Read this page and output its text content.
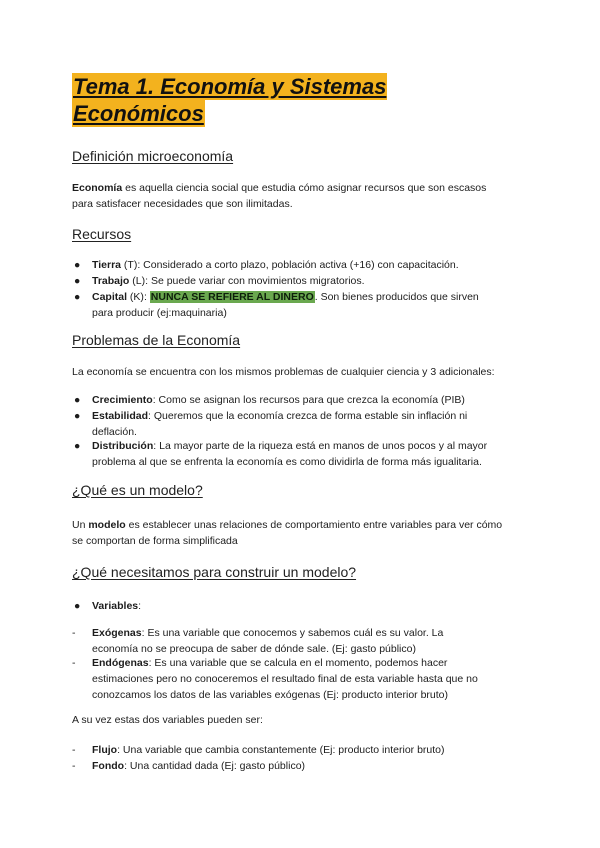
Tema 1. Economía y Sistemas
Económicos
Definición microeconomía
Economía es aquella ciencia social que estudia cómo asignar recursos que son escasos
para satisfacer necesidades que son ilimitadas.
Recursos
●	Tierra (T): Considerado a corto plazo, población activa (+16) con capacitación.
●	Trabajo (L): Se puede variar con movimientos migratorios.
●	Capital (K): NUNCA SE REFIERE AL DINERO. Son bienes producidos que sirven
para producir (ej:maquinaria)
Problemas de la Economía
La economía se encuentra con los mismos problemas de cualquier ciencia y 3 adicionales:
●	Crecimiento: Como se asignan los recursos para que crezca la economía (PIB)
●	Estabilidad: Queremos que la economía crezca de forma estable sin inflación ni
deflación.
●	Distribución: La mayor parte de la riqueza está en manos de unos pocos y al mayor
problema al que se enfrenta la economía es como dividirla de forma más igualitaria.
¿Qué es un modelo?
Un modelo es establecer unas relaciones de comportamiento entre variables para ver cómo
se comportan de forma simplificada
¿Qué necesitamos para construir un modelo?
●	Variables:
- Exógenas: Es una variable que conocemos y sabemos cuál es su valor. La
economía no se preocupa de saber de dónde sale. (Ej: gasto público)
- Endógenas: Es una variable que se calcula en el momento, podemos hacer
estimaciones pero no conoceremos el resultado final de esta variable hasta que no
conozcamos los datos de las variables exógenas (Ej: producto interior bruto)
A su vez estas dos variables pueden ser:
- Flujo: Una variable que cambia constantemente (Ej: producto interior bruto)
- Fondo: Una cantidad dada (Ej: gasto público)
